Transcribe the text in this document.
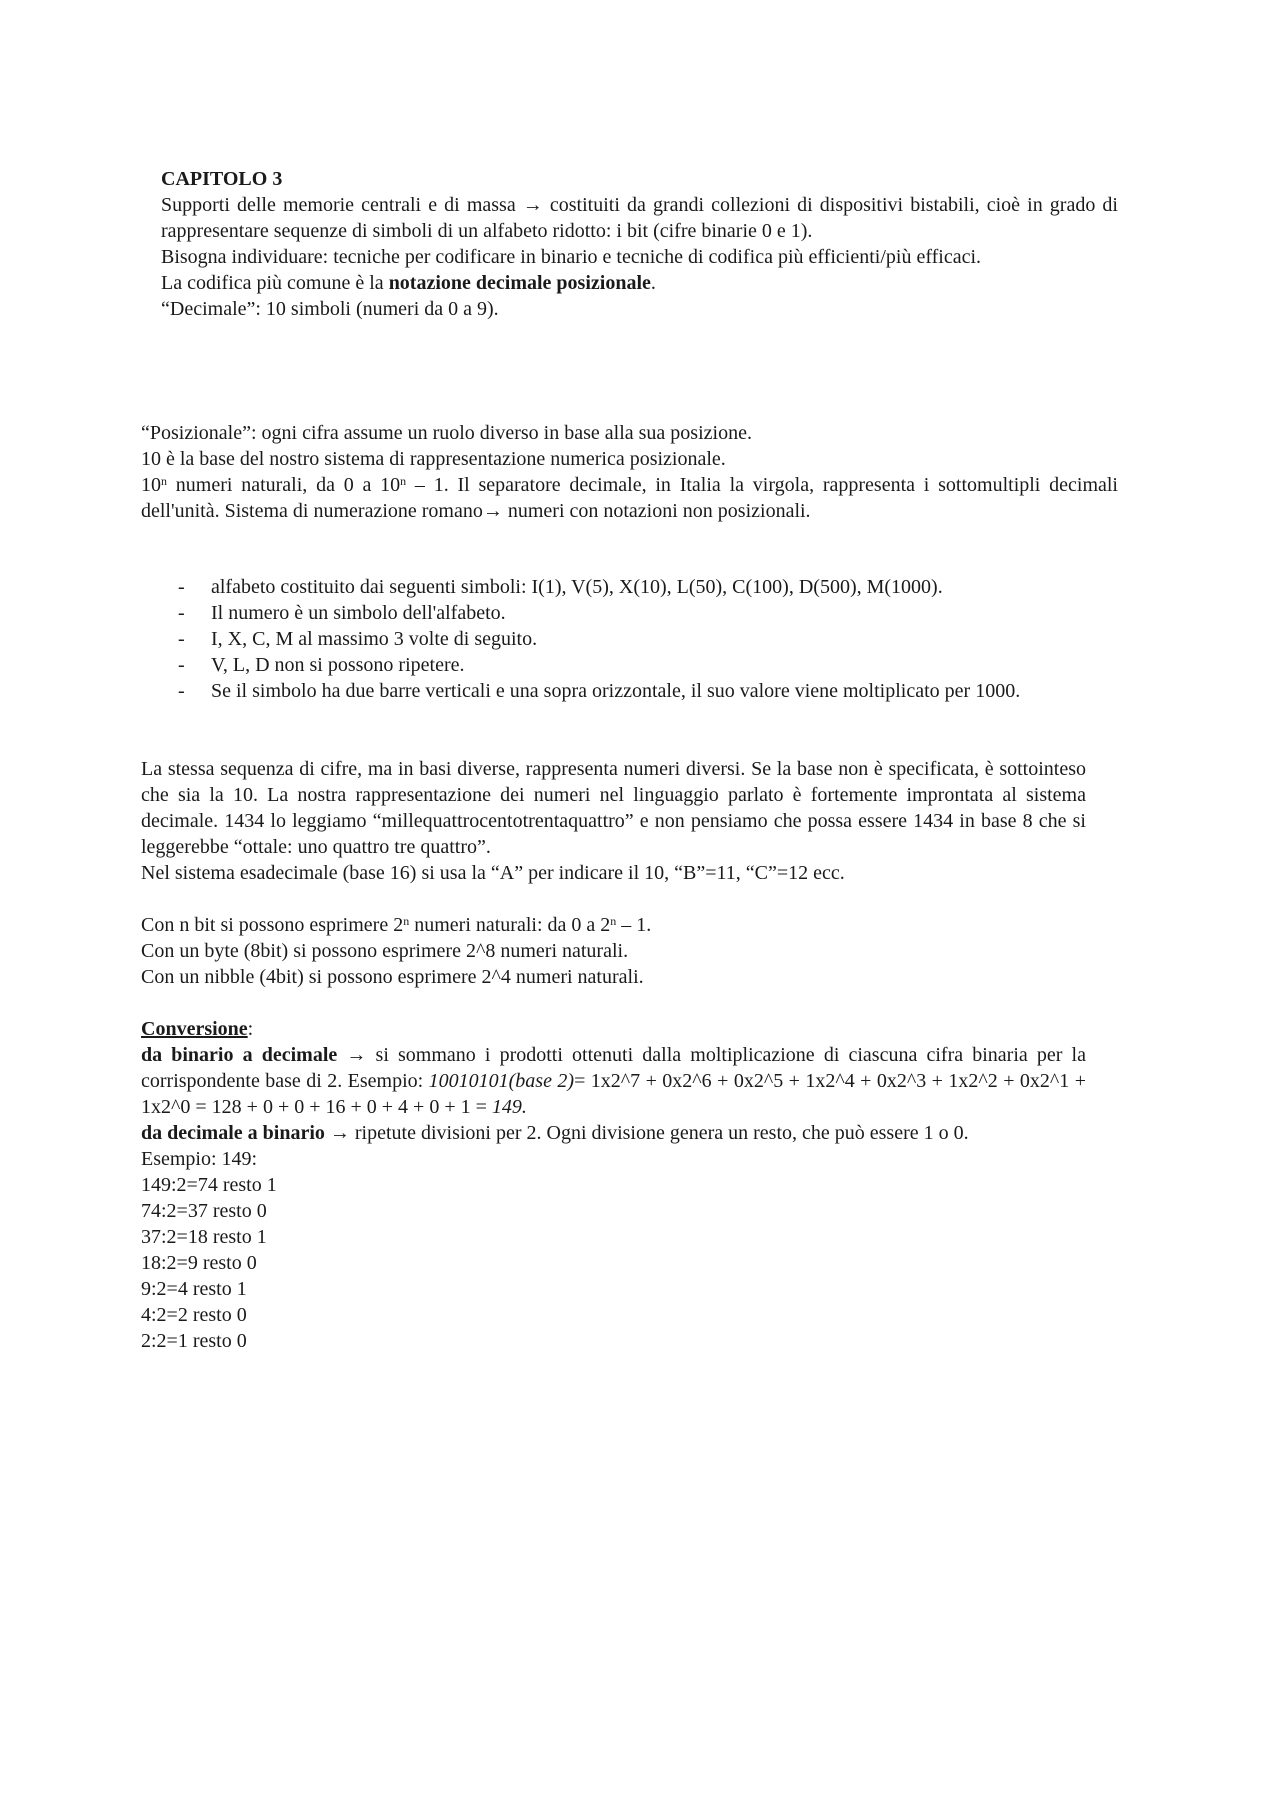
CAPITOLO 3

Supporti delle memorie centrali e di massa → costituiti da grandi collezioni di dispositivi bistabili, cioè in grado di rappresentare sequenze di simboli di un alfabeto ridotto: i bit (cifre binarie 0 e 1).

Bisogna individuare: tecniche per codificare in binario e tecniche di codifica più efficienti/più efficaci.

La codifica più comune è la notazione decimale posizionale.

“Decimale”: 10 simboli (numeri da 0 a 9).

“Posizionale”: ogni cifra assume un ruolo diverso in base alla sua posizione.

10 è la base del nostro sistema di rappresentazione numerica posizionale.

10$^n$ numeri naturali, da 0 a 10$^n$ – 1. Il separatore decimale, in Italia la virgola, rappresenta i sottomultipli decimali dell'unità. Sistema di numerazione romano→ numeri con notazioni non posizionali.

- alfabeto costituito dai seguenti simboli: I(1), V(5), X(10), L(50), C(100), D(500), M(1000).
- Il numero è un simbolo dell'alfabeto.
- I, X, C, M al massimo 3 volte di seguito.
- V, L, D non si possono ripetere.
- Se il simbolo ha due barre verticali e una sopra orizzontale, il suo valore viene moltiplicato per 1000.

La stessa sequenza di cifre, ma in basi diverse, rappresenta numeri diversi. Se la base non è specificata, è sottointeso che sia la 10. La nostra rappresentazione dei numeri nel linguaggio parlato è fortemente improntata al sistema decimale. 1434 lo leggiamo “millequattrocentotrentaquattro” e non pensiamo che possa essere 1434 in base 8 che si leggerebbe “ottale: uno quattro tre quattro”.

Nel sistema esadecimale (base 16) si usa la “A” per indicare il 10, “B”=11, “C”=12 ecc.

Con n bit si possono esprimere 2$^n$ numeri naturali: da 0 a 2$^n$ – 1.

Con un byte (8bit) si possono esprimere 2^8 numeri naturali.

Con un nibble (4bit) si possono esprimere 2^4 numeri naturali.

Conversione:

da binario a decimale → si sommano i prodotti ottenuti dalla moltiplicazione di ciascuna cifra binaria per la corrispondente base di 2. Esempio: 10010101(base 2)= 1x2^7 + 0x2^6 + 0x2^5 + 1x2^4 + 0x2^3 + 1x2^2 + 0x2^1 + 1x2^0 = 128 + 0 + 0 + 16 + 0 + 4 + 0 + 1 = 149.

da decimale a binario → ripetute divisioni per 2. Ogni divisione genera un resto, che può essere 1 o 0.

Esempio: 149:

149:2=74 resto 1

74:2=37 resto 0

37:2=18 resto 1

18:2=9 resto 0

9:2=4 resto 1

4:2=2 resto 0

2:2=1 resto 0
